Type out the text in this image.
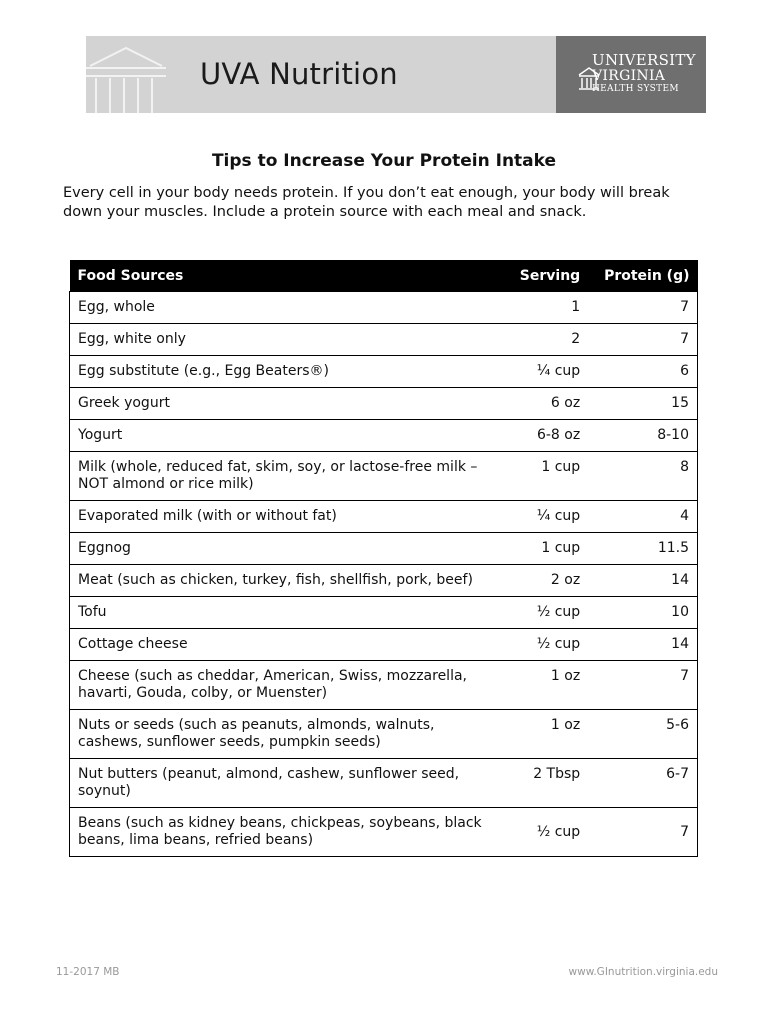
UVA Nutrition	UNIVERSITY
VIRGINIA
HEALTH SYSTEM
Tips to Increase Your Protein Intake
Every cell in your body needs protein. If you don’t eat enough, your body will break down your muscles. Include a protein source with each meal and snack.
Food Sources	Serving	Protein (g)
Egg, whole	1	7
Egg, white only	2	7
Egg substitute (e.g., Egg Beaters®)	¼ cup	6
Greek yogurt	6 oz	15
Yogurt	6-8 oz	8-10
Milk (whole, reduced fat, skim, soy, or lactose-free milk – NOT almond or rice milk)	1 cup	8
Evaporated milk (with or without fat)	¼ cup	4
Eggnog	1 cup	11.5
Meat (such as chicken, turkey, fish, shellfish, pork, beef)	2 oz	14
Tofu	½ cup	10
Cottage cheese	½ cup	14
Cheese (such as cheddar, American, Swiss, mozzarella, havarti, Gouda, colby, or Muenster)	1 oz	7
Nuts or seeds (such as peanuts, almonds, walnuts, cashews, sunflower seeds, pumpkin seeds)	1 oz	5-6
Nut butters (peanut, almond, cashew, sunflower seed, soynut)	2 Tbsp	6-7
Beans (such as kidney beans, chickpeas, soybeans, black beans, lima beans, refried beans)	½ cup	7
11-2017 MB	www.GInutrition.virginia.edu
